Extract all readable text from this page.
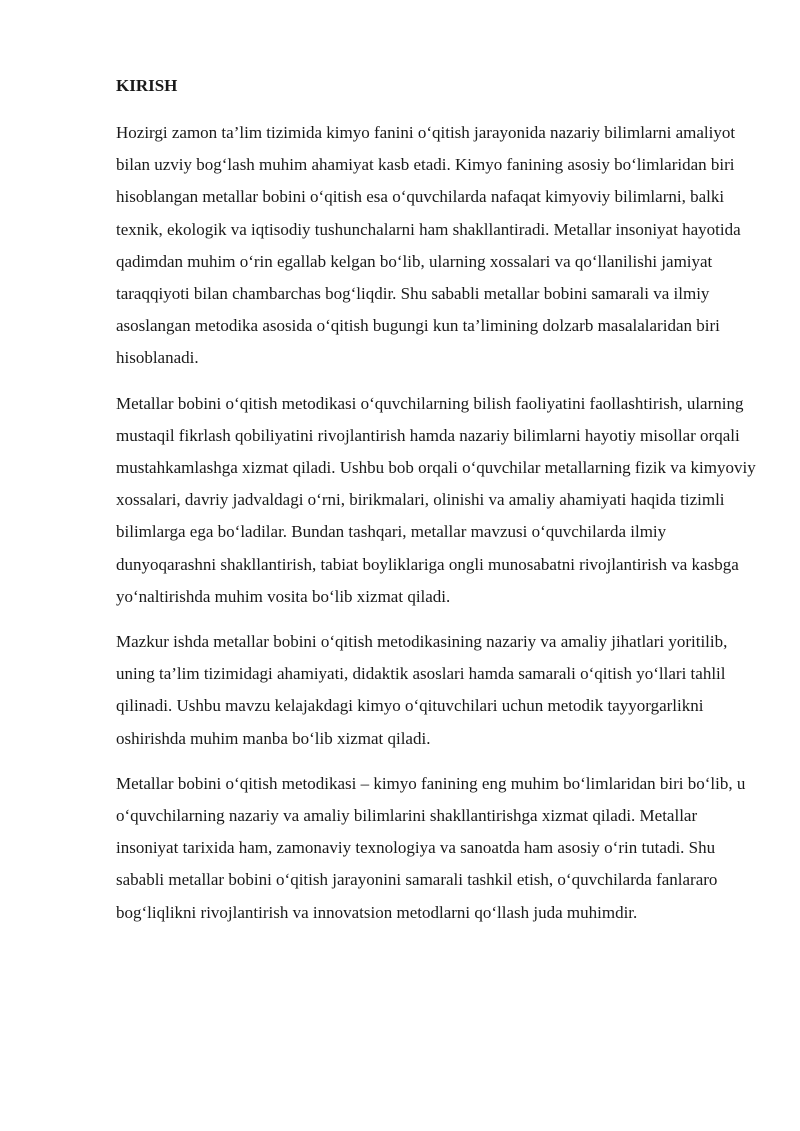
KIRISH

Hozirgi zamon ta’lim tizimida kimyo fanini o‘qitish jarayonida nazariy bilimlarni amaliyot bilan uzviy bog‘lash muhim ahamiyat kasb etadi. Kimyo fanining asosiy bo‘limlaridan biri hisoblangan metallar bobini o‘qitish esa o‘quvchilarda nafaqat kimyoviy bilimlarni, balki texnik, ekologik va iqtisodiy tushunchalarni ham shakllantiradi. Metallar insoniyat hayotida qadimdan muhim o‘rin egallab kelgan bo‘lib, ularning xossalari va qo‘llanilishi jamiyat taraqqiyoti bilan chambarchas bog‘liqdir. Shu sababli metallar bobini samarali va ilmiy asoslangan metodika asosida o‘qitish bugungi kun ta’limining dolzarb masalalaridan biri hisoblanadi.

Metallar bobini o‘qitish metodikasi o‘quvchilarning bilish faoliyatini faollashtirish, ularning mustaqil fikrlash qobiliyatini rivojlantirish hamda nazariy bilimlarni hayotiy misollar orqali mustahkamlashga xizmat qiladi. Ushbu bob orqali o‘quvchilar metallarning fizik va kimyoviy xossalari, davriy jadvaldagi o‘rni, birikmalari, olinishi va amaliy ahamiyati haqida tizimli bilimlarga ega bo‘ladilar. Bundan tashqari, metallar mavzusi o‘quvchilarda ilmiy dunyoqarashni shakllantirish, tabiat boyliklariga ongli munosabatni rivojlantirish va kasbga yo‘naltirishda muhim vosita bo‘lib xizmat qiladi.

Mazkur ishda metallar bobini o‘qitish metodikasining nazariy va amaliy jihatlari yoritilib, uning ta’lim tizimidagi ahamiyati, didaktik asoslari hamda samarali o‘qitish yo‘llari tahlil qilinadi. Ushbu mavzu kelajakdagi kimyo o‘qituvchilari uchun metodik tayyorgarlikni oshirishda muhim manba bo‘lib xizmat qiladi.

Metallar bobini o‘qitish metodikasi – kimyo fanining eng muhim bo‘limlaridan biri bo‘lib, u o‘quvchilarning nazariy va amaliy bilimlarini shakllantirishga xizmat qiladi. Metallar insoniyat tarixida ham, zamonaviy texnologiya va sanoatda ham asosiy o‘rin tutadi. Shu sababli metallar bobini o‘qitish jarayonini samarali tashkil etish, o‘quvchilarda fanlararo bog‘liqlikni rivojlantirish va innovatsion metodlarni qo‘llash juda muhimdir.
